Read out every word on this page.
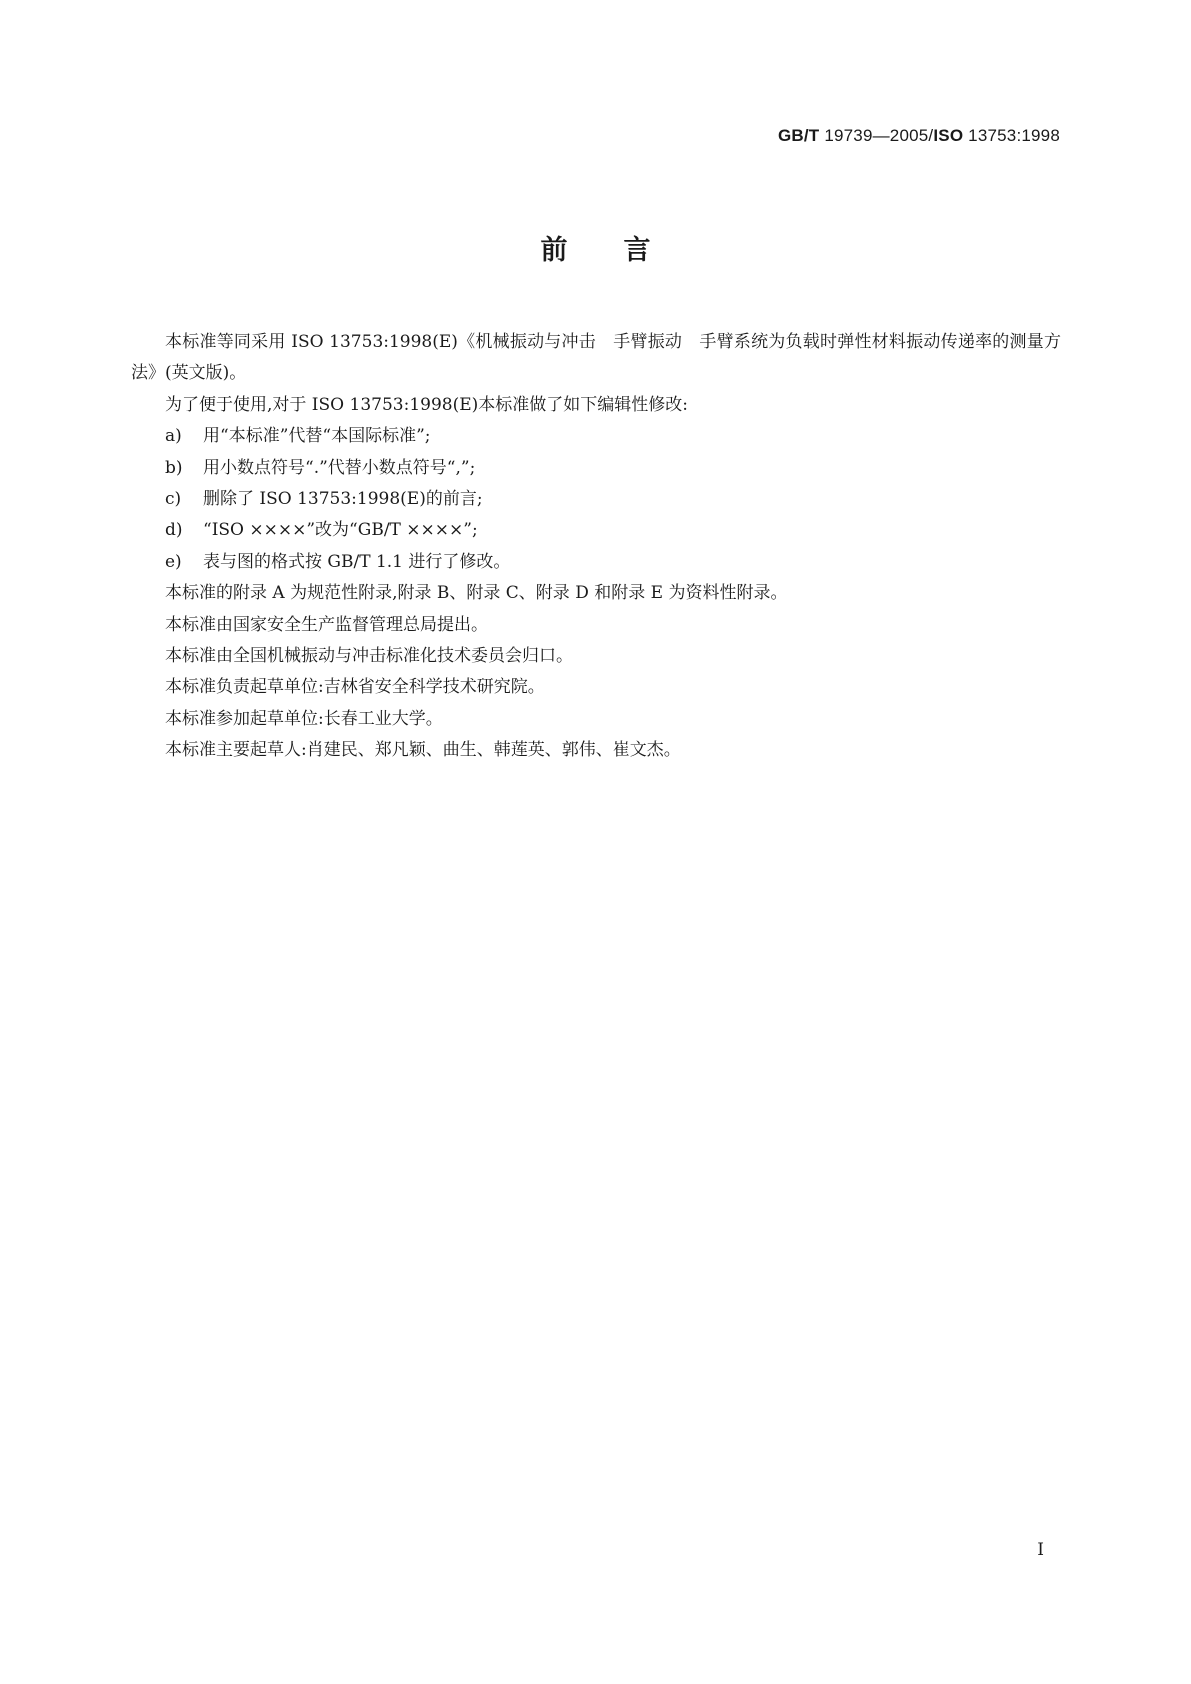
GB/T 19739—2005/ISO 13753:1998
前言

本标准等同采用 ISO 13753:1998(E)《机械振动与冲击　手臂振动　手臂系统为负载时弹性材料振动传递率的测量方法》(英文版)。

为了便于使用,对于 ISO 13753:1998(E)本标准做了如下编辑性修改:

a) 用“本标准”代替“本国际标准”;

b) 用小数点符号“.”代替小数点符号“,”;

c) 删除了 ISO 13753:1998(E)的前言;

d) “ISO ××××”改为“GB/T ××××”;

e) 表与图的格式按 GB/T 1.1 进行了修改。

本标准的附录 A 为规范性附录,附录 B、附录 C、附录 D 和附录 E 为资料性附录。

本标准由国家安全生产监督管理总局提出。

本标准由全国机械振动与冲击标准化技术委员会归口。

本标准负责起草单位:吉林省安全科学技术研究院。

本标准参加起草单位:长春工业大学。

本标准主要起草人:肖建民、郑凡颖、曲生、韩莲英、郭伟、崔文杰。

I
